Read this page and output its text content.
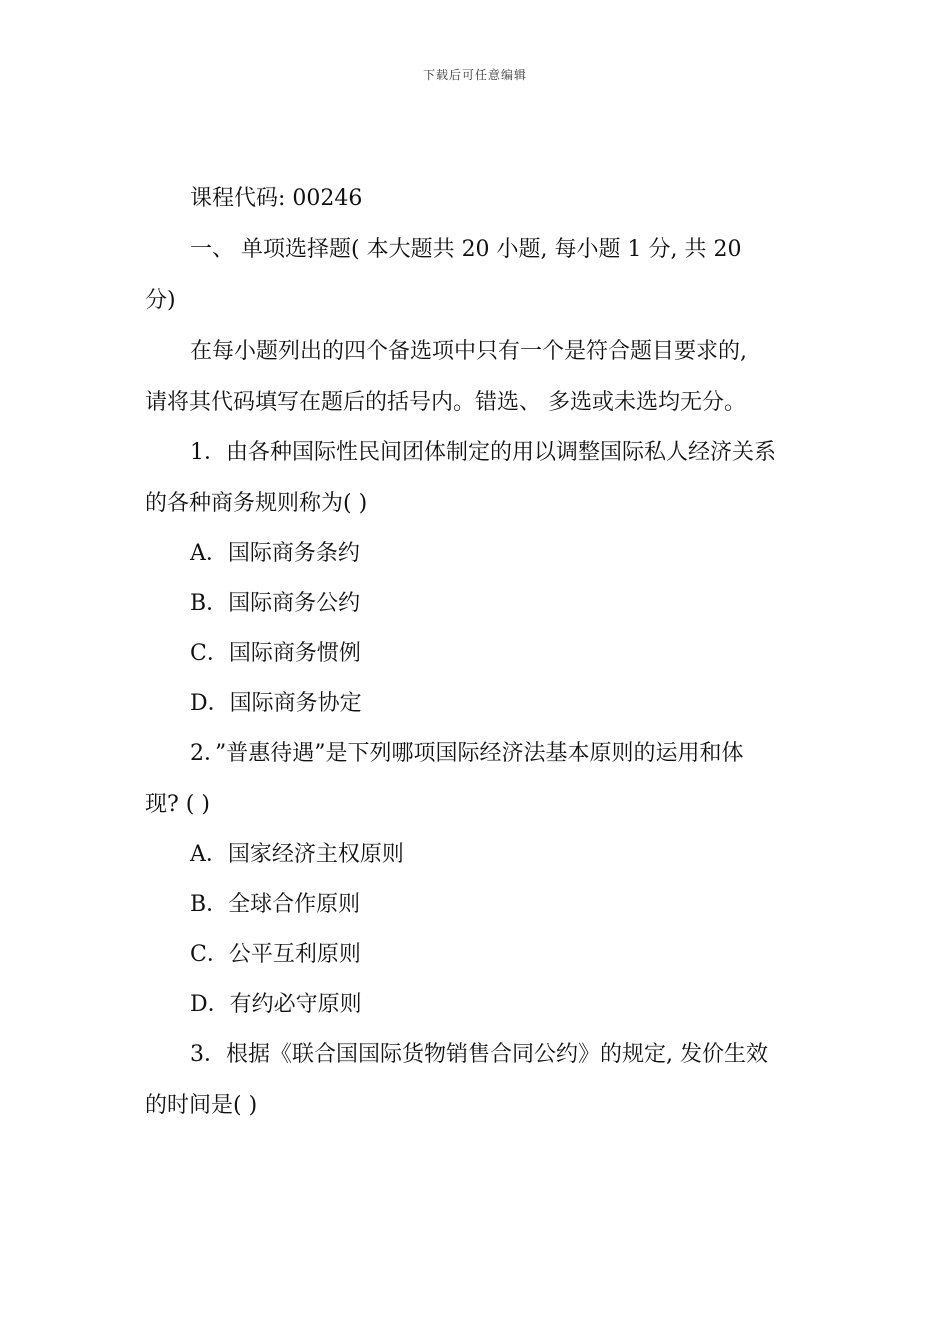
下载后可任意编辑
课程代码: 00246
一、 单项选择题( 本大题共 20 小题, 每小题 1 分, 共 20
分)
在每小题列出的四个备选项中只有一个是符合题目要求的,
请将其代码填写在题后的括号内。错选、 多选或未选均无分。
1．由各种国际性民间团体制定的用以调整国际私人经济关系
的各种商务规则称为( )
A．国际商务条约
B．国际商务公约
C．国际商务惯例
D．国际商务协定
2．”普惠待遇”是下列哪项国际经济法基本原则的运用和体
现? ( )
A．国家经济主权原则
B．全球合作原则
C．公平互利原则
D．有约必守原则
3．根据《联合国国际货物销售合同公约》的规定, 发价生效
的时间是( )
